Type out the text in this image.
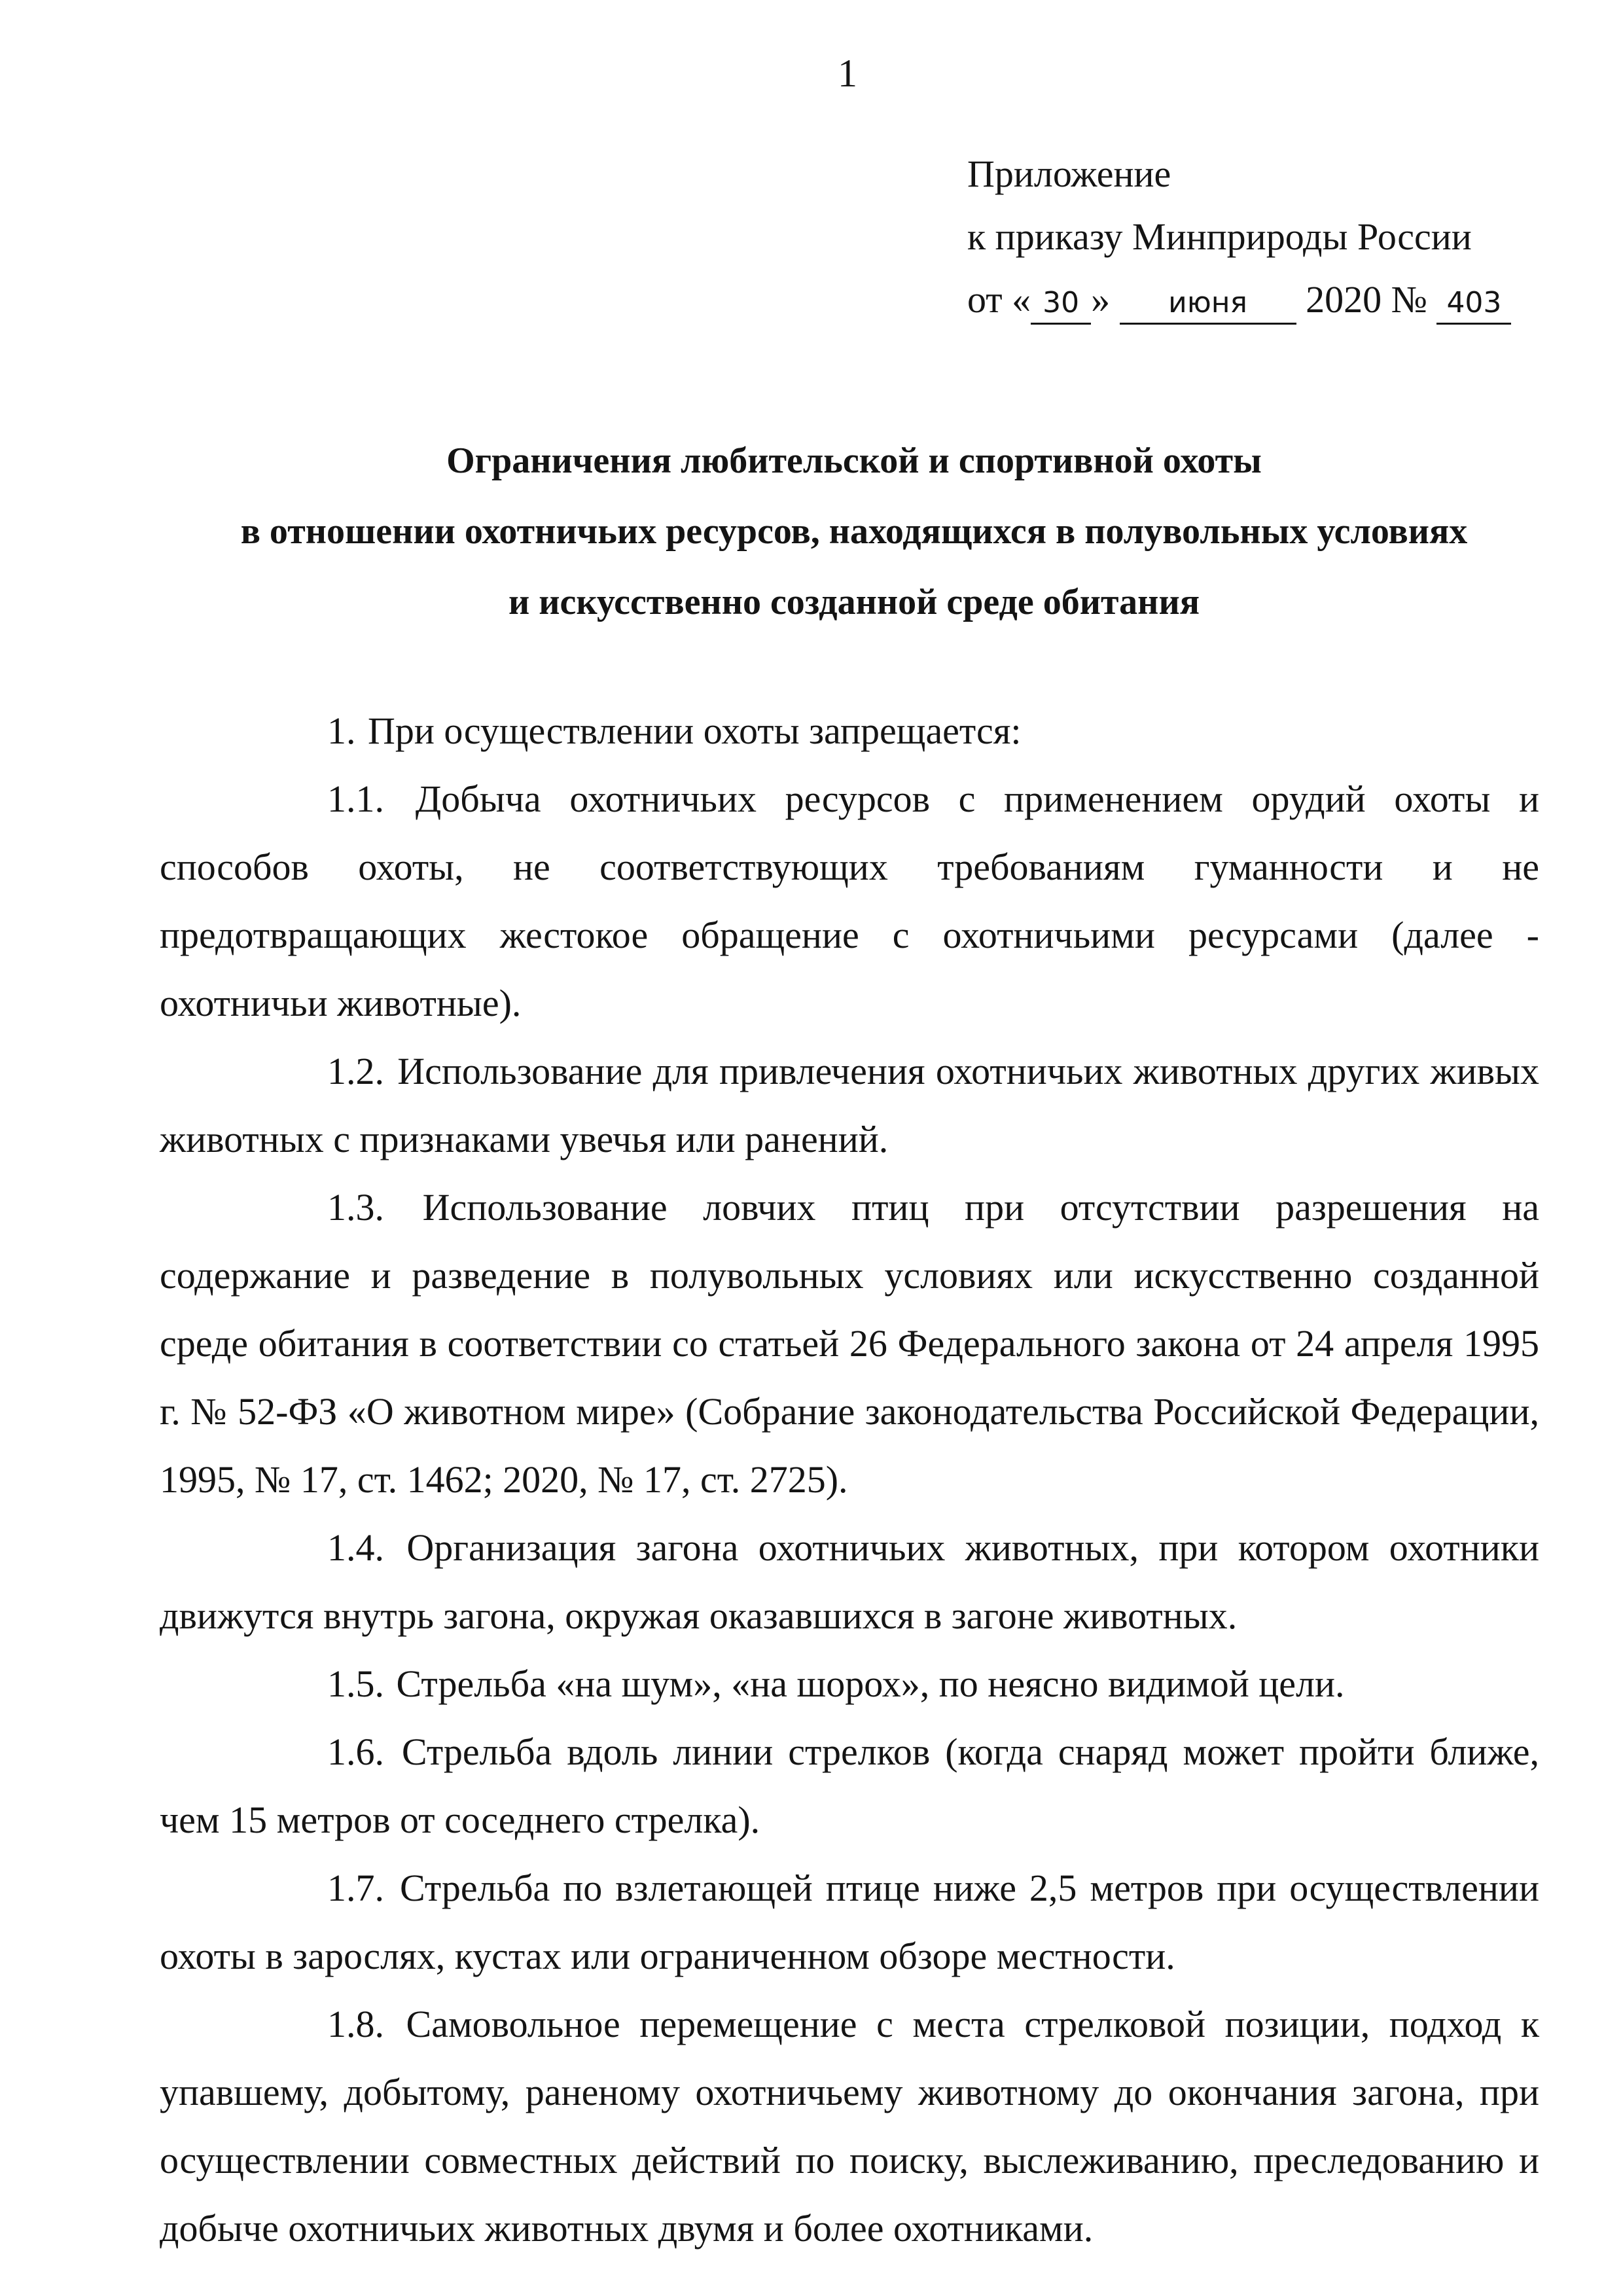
1
Приложение
к приказу Минприроды России
от « 30 » июня 2020 № 403
Ограничения любительской и спортивной охоты
в отношении охотничьих ресурсов, находящихся в полувольных условиях
и искусственно созданной среде обитания

1. При осуществлении охоты запрещается:

1.1. Добыча охотничьих ресурсов с применением орудий охоты и способов охоты, не соответствующих требованиям гуманности и не предотвращающих жестокое обращение с охотничьими ресурсами (далее - охотничьи животные).

1.2. Использование для привлечения охотничьих животных других живых животных с признаками увечья или ранений.

1.3. Использование ловчих птиц при отсутствии разрешения на содержание и разведение в полувольных условиях или искусственно созданной среде обитания в соответствии со статьей 26 Федерального закона от 24 апреля 1995 г. № 52-ФЗ «О животном мире» (Собрание законодательства Российской Федерации, 1995, № 17, ст. 1462; 2020, № 17, ст. 2725).

1.4. Организация загона охотничьих животных, при котором охотники движутся внутрь загона, окружая оказавшихся в загоне животных.

1.5. Стрельба «на шум», «на шорох», по неясно видимой цели.

1.6. Стрельба вдоль линии стрелков (когда снаряд может пройти ближе, чем 15 метров от соседнего стрелка).

1.7. Стрельба по взлетающей птице ниже 2,5 метров при осуществлении охоты в зарослях, кустах или ограниченном обзоре местности.

1.8. Самовольное перемещение с места стрелковой позиции, подход к упавшему, добытому, раненому охотничьему животному до окончания загона, при осуществлении совместных действий по поиску, выслеживанию, преследованию и добыче охотничьих животных двумя и более охотниками.
